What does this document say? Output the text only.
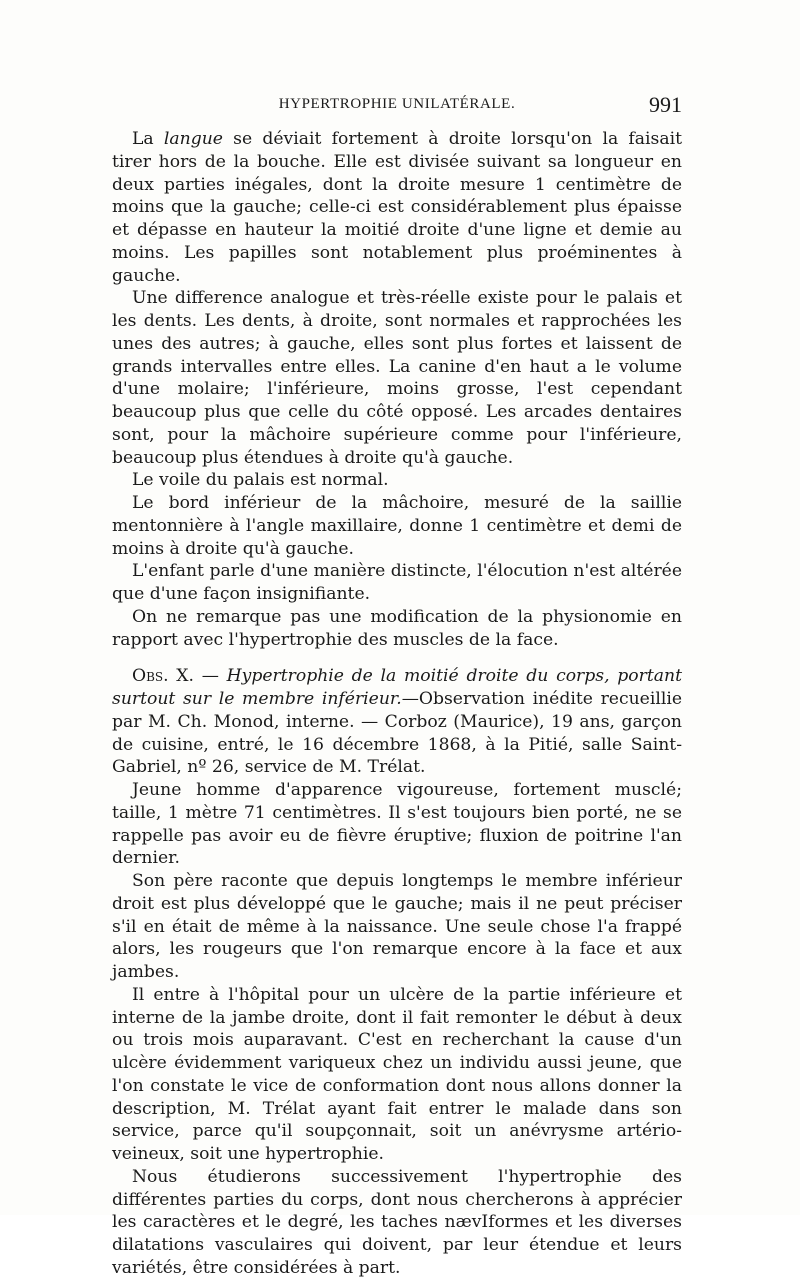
HYPERTROPHIE UNILATÉRALE.	991

La langue se déviait fortement à droite lorsqu'on la faisait tirer hors de la bouche. Elle est divisée suivant sa longueur en deux parties inégales, dont la droite mesure 1 centimètre de moins que la gauche; celle-ci est considérablement plus épaisse et dépasse en hauteur la moitié droite d'une ligne et demie au moins. Les papilles sont notablement plus proéminentes à gauche.

Une difference analogue et très-réelle existe pour le palais et les dents. Les dents, à droite, sont normales et rapprochées les unes des autres; à gauche, elles sont plus fortes et laissent de grands intervalles entre elles. La canine d'en haut a le volume d'une molaire; l'inférieure, moins grosse, l'est cependant beaucoup plus que celle du côté opposé. Les arcades dentaires sont, pour la mâchoire supérieure comme pour l'inférieure, beaucoup plus étendues à droite qu'à gauche.

Le voile du palais est normal.

Le bord inférieur de la mâchoire, mesuré de la saillie mentonnière à l'angle maxillaire, donne 1 centimètre et demi de moins à droite qu'à gauche.

L'enfant parle d'une manière distincte, l'élocution n'est altérée que d'une façon insignifiante.

On ne remarque pas une modification de la physionomie en rapport avec l'hypertrophie des muscles de la face.

Obs. X. — Hypertrophie de la moitié droite du corps, portant surtout sur le membre inférieur.—Observation inédite recueillie par M. Ch. Monod, interne. — Corboz (Maurice), 19 ans, garçon de cuisine, entré, le 16 décembre 1868, à la Pitié, salle Saint-Gabriel, nº 26, service de M. Trélat.

Jeune homme d'apparence vigoureuse, fortement musclé; taille, 1 mètre 71 centimètres. Il s'est toujours bien porté, ne se rappelle pas avoir eu de fièvre éruptive; fluxion de poitrine l'an dernier.

Son père raconte que depuis longtemps le membre inférieur droit est plus développé que le gauche; mais il ne peut préciser s'il en était de même à la naissance. Une seule chose l'a frappé alors, les rougeurs que l'on remarque encore à la face et aux jambes.

Il entre à l'hôpital pour un ulcère de la partie inférieure et interne de la jambe droite, dont il fait remonter le début à deux ou trois mois auparavant. C'est en recherchant la cause d'un ulcère évidemment variqueux chez un individu aussi jeune, que l'on constate le vice de conformation dont nous allons donner la description, M. Trélat ayant fait entrer le malade dans son service, parce qu'il soupçonnait, soit un anévrysme artério-veineux, soit une hypertrophie.

Nous étudierons successivement l'hypertrophie des différentes parties du corps, dont nous chercherons à apprécier les caractères et le degré, les taches nævIformes et les diverses dilatations vasculaires qui doivent, par leur étendue et leurs variétés, être considérées à part.
